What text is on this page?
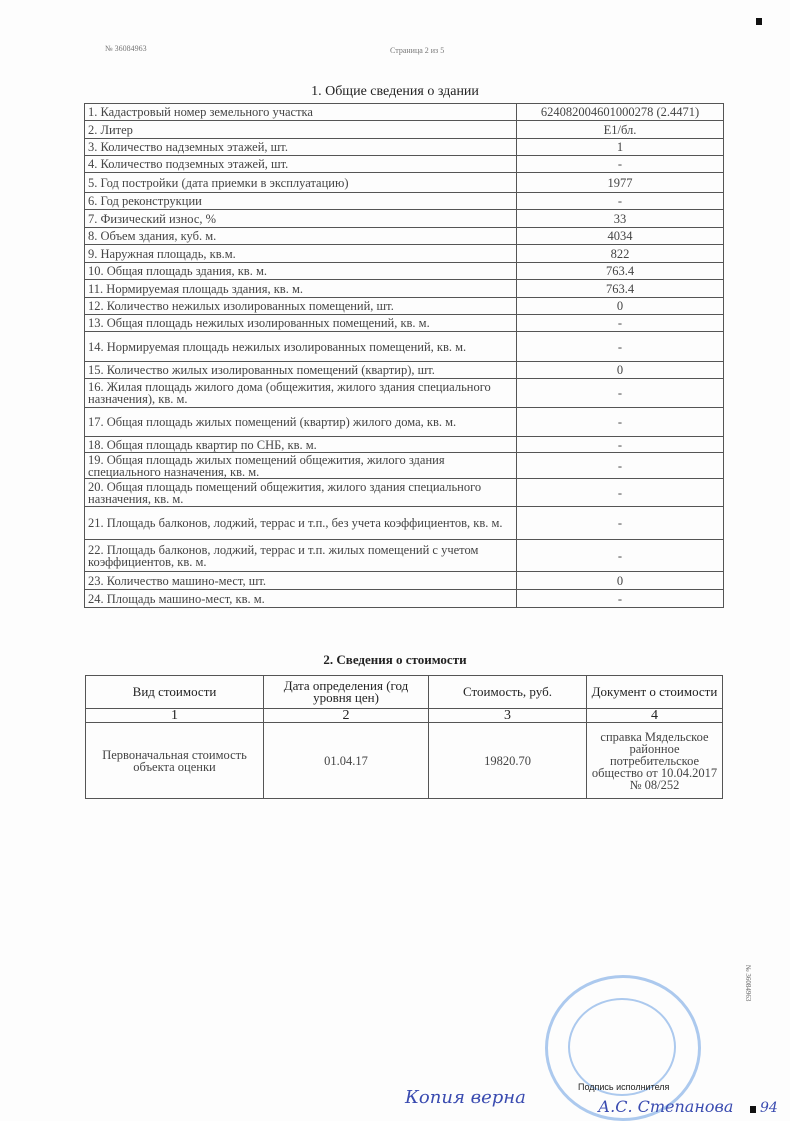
№ 36084963	Страница 2 из 5
1. Общие сведения о здании
1. Кадастровый номер земельного участка	624082004601000278 (2.4471)
2. Литер	Е1/бл.
3. Количество надземных этажей, шт.	1
4. Количество подземных этажей, шт.	-
5. Год постройки (дата приемки в эксплуатацию)	1977
6. Год реконструкции	-
7. Физический износ, %	33
8. Объем здания, куб. м.	4034
9. Наружная площадь, кв.м.	822
10. Общая площадь здания, кв. м.	763.4
11. Нормируемая площадь здания, кв. м.	763.4
12. Количество нежилых изолированных помещений, шт.	0
13. Общая площадь нежилых изолированных помещений, кв. м.	-
14. Нормируемая площадь нежилых изолированных помещений, кв. м.	-
15. Количество жилых изолированных помещений (квартир), шт.	0
16. Жилая площадь жилого дома (общежития, жилого здания специального назначения), кв. м.	-
17. Общая площадь жилых помещений (квартир) жилого дома, кв. м.	-
18. Общая площадь квартир по СНБ, кв. м.	-
19. Общая площадь жилых помещений общежития, жилого здания специального назначения, кв. м.	-
20. Общая площадь помещений общежития, жилого здания специального назначения, кв. м.	-
21. Площадь балконов, лоджий, террас и т.п., без учета коэффициентов, кв. м.	-
22. Площадь балконов, лоджий, террас и т.п. жилых помещений с учетом коэффициентов, кв. м.	-
23. Количество машино-мест, шт.	0
24. Площадь машино-мест, кв. м.	-
2. Сведения о стоимости
Вид стоимости	Дата определения (год уровня цен)	Стоимость, руб.	Документ о стоимости
1	2	3	4
Первоначальная стоимость объекта оценки	01.04.17	19820.70	справка Мядельское районное потребительское общество от 10.04.2017 № 08/252
№ 36084963
Копия верна	Подпись исполнителя
А.С. Степанова 94
